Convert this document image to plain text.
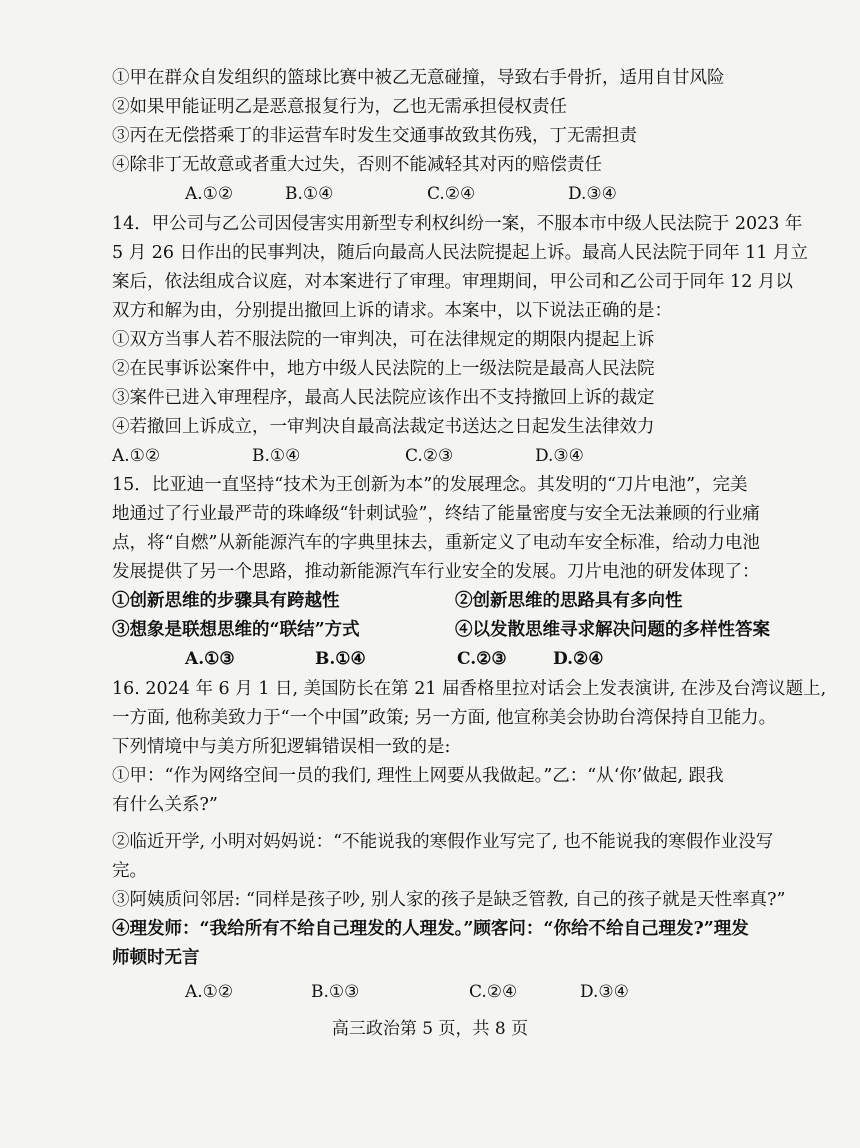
①甲在群众自发组织的篮球比赛中被乙无意碰撞，导致右手骨折，适用自甘风险
②如果甲能证明乙是恶意报复行为，乙也无需承担侵权责任
③丙在无偿搭乘丁的非运营车时发生交通事故致其伤残，丁无需担责
④除非丁无故意或者重大过失，否则不能减轻其对丙的赔偿责任
A.①②	B.①④	C.②④	D.③④
14．甲公司与乙公司因侵害实用新型专利权纠纷一案，不服本市中级人民法院于 2023 年
5 月 26 日作出的民事判决，随后向最高人民法院提起上诉。最高人民法院于同年 11 月立
案后，依法组成合议庭，对本案进行了审理。审理期间，甲公司和乙公司于同年 12 月以
双方和解为由，分别提出撤回上诉的请求。本案中，以下说法正确的是：
①双方当事人若不服法院的一审判决，可在法律规定的期限内提起上诉
②在民事诉讼案件中，地方中级人民法院的上一级法院是最高人民法院
③案件已进入审理程序，最高人民法院应该作出不支持撤回上诉的裁定
④若撤回上诉成立，一审判决自最高法裁定书送达之日起发生法律效力
A.①②	B.①④	C.②③	D.③④
15．比亚迪一直坚持“技术为王创新为本”的发展理念。其发明的“刀片电池”，完美
地通过了行业最严苛的珠峰级“针刺试验”，终结了能量密度与安全无法兼顾的行业痛
点，将“自燃”从新能源汽车的字典里抹去，重新定义了电动车安全标准，给动力电池
发展提供了另一个思路，推动新能源汽车行业安全的发展。刀片电池的研发体现了：
①创新思维的步骤具有跨越性	②创新思维的思路具有多向性
③想象是联想思维的“联结”方式	④以发散思维寻求解决问题的多样性答案
A.①③	B.①④	C.②③	D.②④
16. 2024 年 6 月 1 日, 美国防长在第 21 届香格里拉对话会上发表演讲, 在涉及台湾议题上,
一方面, 他称美致力于“一个中国”政策; 另一方面, 他宣称美会协助台湾保持自卫能力。
下列情境中与美方所犯逻辑错误相一致的是:
①甲：“作为网络空间一员的我们, 理性上网要从我做起。”乙：“从‘你’做起, 跟我
有什么关系?”
②临近开学, 小明对妈妈说：“不能说我的寒假作业写完了, 也不能说我的寒假作业没写
完。
③阿姨质问邻居: “同样是孩子吵, 别人家的孩子是缺乏管教, 自己的孩子就是天性率真?”
④理发师：“我给所有不给自己理发的人理发。”顾客问：“你给不给自己理发?”理发
师顿时无言
A.①②	B.①③	C.②④	D.③④
高三政治第 5 页，共 8 页
